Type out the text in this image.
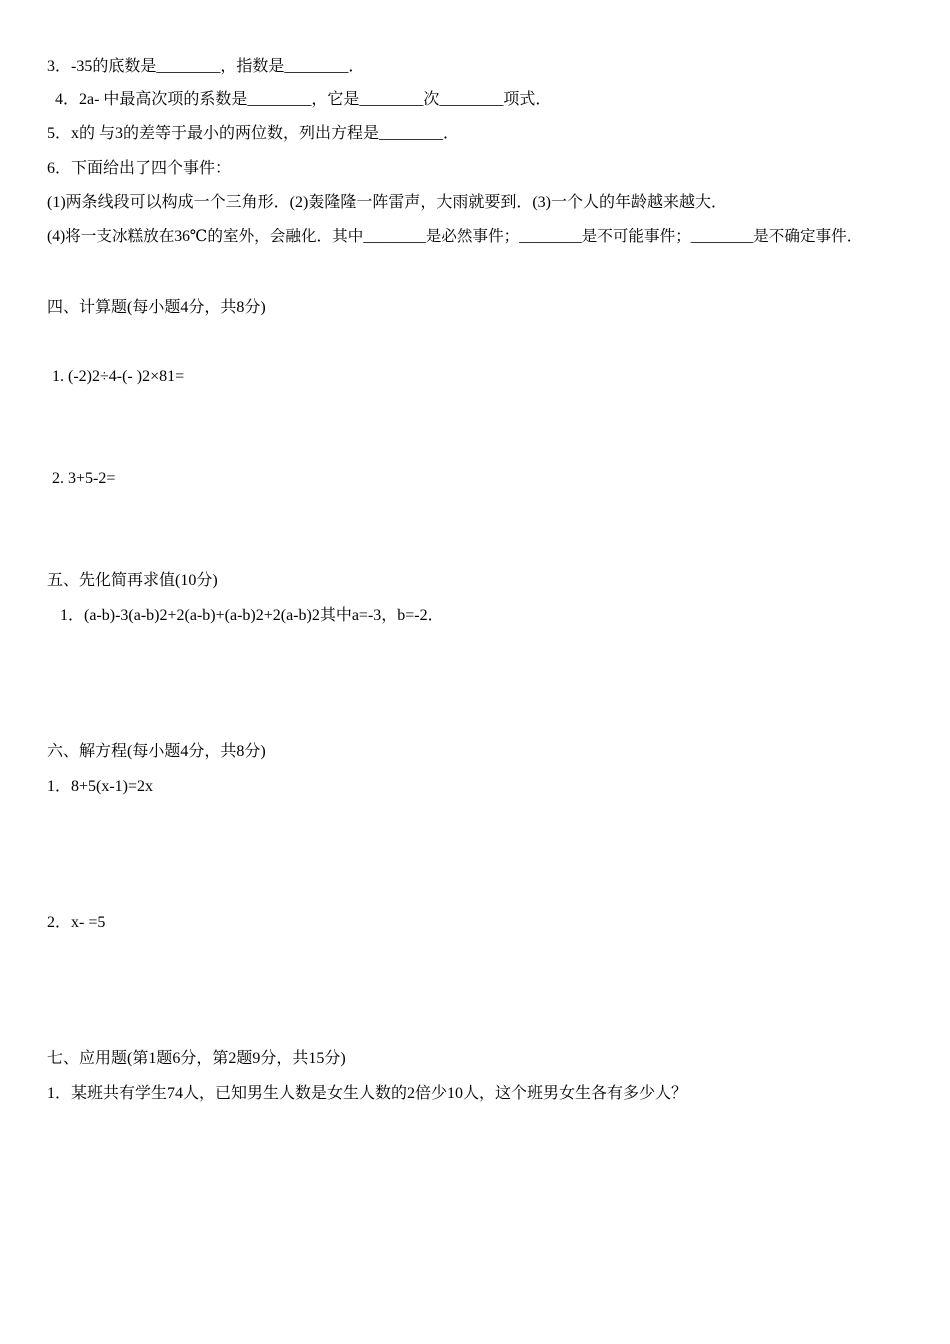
3．-35的底数是________，指数是________．
4．2a- 中最高次项的系数是________，它是________次________项式．
5．x的 与3的差等于最小的两位数，列出方程是________．
6．下面给出了四个事件：
(1)两条线段可以构成一个三角形．(2)轰隆隆一阵雷声，大雨就要到．(3)一个人的年龄越来越大．
(4)将一支冰糕放在36℃的室外，会融化．其中________是必然事件；________是不可能事件；________是不确定事件．
四、计算题(每小题4分，共8分)
1. (-2)2÷4-(- )2×81=
2. 3+5-2=
五、先化简再求值(10分)
1．(a-b)-3(a-b)2+2(a-b)+(a-b)2+2(a-b)2其中a=-3，b=-2．
六、解方程(每小题4分，共8分)
1．8+5(x-1)=2x
2．x- =5
七、应用题(第1题6分，第2题9分，共15分)
1．某班共有学生74人，已知男生人数是女生人数的2倍少10人，这个班男女生各有多少人？
